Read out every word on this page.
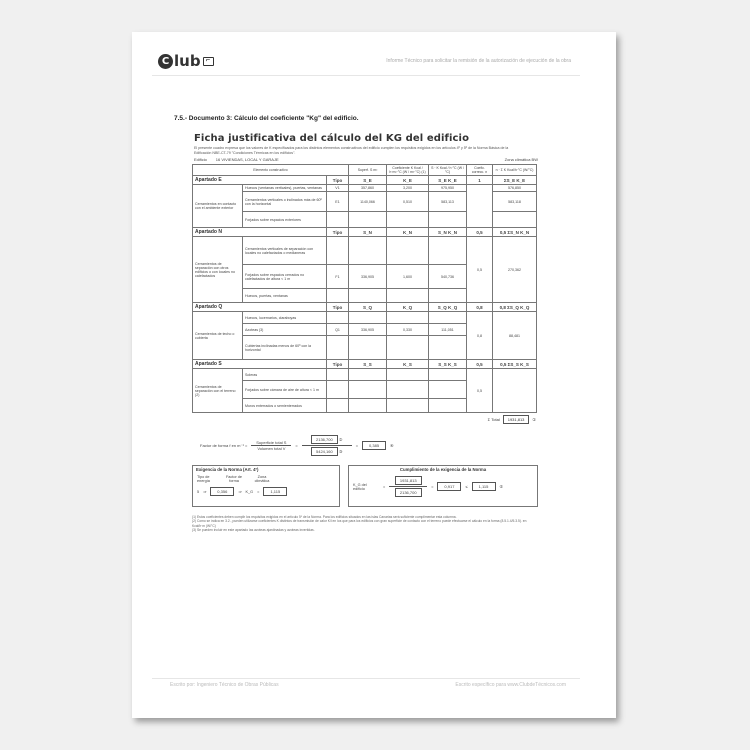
C lub ⌐	Informe Técnico para solicitar la remisión de la autorización de ejecución de la obra
7.5.- Documento 3: Cálculo del coeficiente "Kg" del edificio.
Ficha justificativa del cálculo del KG del edificio
El presente cuadro expresa que los valores de K especificados para los distintos elementos constructivos del edificio cumplen los requisitos exigidos en los artículos 4º y 5º de la Norma Básica de la Edificación NBE-CT-79 "Condiciones Térmicas en los edificios".
Edificio 16 VIVIENDAS, LOCAL Y GARAJE	Zona climática BW
Elemento constructivo			Superf. S m²	Coeficiente K Kcal / h·m²·°C (W / m²·°C) (1)	S · K Kcal / h·°C (W / °C)	Coefic. correcc. n	n · Σ K Kcal/h·°C (W/°C)
Apartado E		Tipo	S_E	K_E	S_E K_E	1	ΣS_E K_E
Cerramientos en contacto con el ambiente exterior	Huecos (ventanas verticales), puertas, ventanas	V1	357,860	3,200	975,950		576,850
	Cerramientos verticales o inclinados más de 60º con la horizontal	E1	1140,066	0,510	583,113		583,118
	Forjados sobre espacios exteriores						
Apartado N		Tipo	S_N	K_N	S_N K_N	0,5	0,5 ΣS_N K_N
Cerramientos de separación con otros edificios o con locales no calefactados	Cerramientos verticales de separación con locales no calefactados o medianeras					0,5	270,362
	Forjados sobre espacios cerrados no calefactados de altura < 1 m	F1	336,905	1,600	540,736		
	Huecos, puertas, ventanas						
Apartado Q		Tipo	S_Q	K_Q	S_Q K_Q	0,8	0,8 ΣS_Q K_Q
Cerramientos de techo o cubierta	Huecos, lucernarios, claraboyas					0,8	88,481
	Azoteas (3)	Q1	336,905	0,330	111,051		
	Cubiertas inclinadas menos de 60º con la horizontal						
Apartado S		Tipo	S_S	K_S	S_S K_S	0,5	0,5 ΣS_S K_S
Cerramientos de separación con el terreno (2)	Soleras					0,5	
	Forjados sobre cámara de aire de altura < 1 m						
	Muros enterrados o semienterrados						
Σ Total	1931,813	①
Factor de forma f en $m^{-1} = \frac{\text{Superficie total S}}{\text{Volumen total V}} = \frac{\text{2136,700 ②}}{\text{5424,160 ③}}$ =	0,385	④
Exigencia de la Norma (Art. 4º)
Tipo de energía
Factor de forma
Zona climática
5 ⇒	0,356	⇒ K_G =	1,115
Cumplimiento de la exigencia de la Norma
K_G del edificio	= $\frac{1931,813}{2136,700}$ =	0,917	≤	1,115	⑤
(1) Estos coeficientes deben cumplir los requisitos exigidos en el artículo 5º de la Norma. Para los edificios situados en las islas Canarias será suficiente cumplimentar esta columna.
(2) Como se indica en 3.2., pueden utilizarse coeficientes K distintos de transmisión de calor K/l en los que para los edificios con gran superficie de contacto con el terreno puede efectuarse el cálculo en la forma (8.5.1.4/5.3.5). en Kcal/h·m (W/°C)
(3) Se pueden incluir en este apartado las azoteas ajardinadas y azoteas invertidas.
Escrito por: Ingeniero Técnico de Obras Públicas	Escrito específico para www.ClubdeTécnicos.com
